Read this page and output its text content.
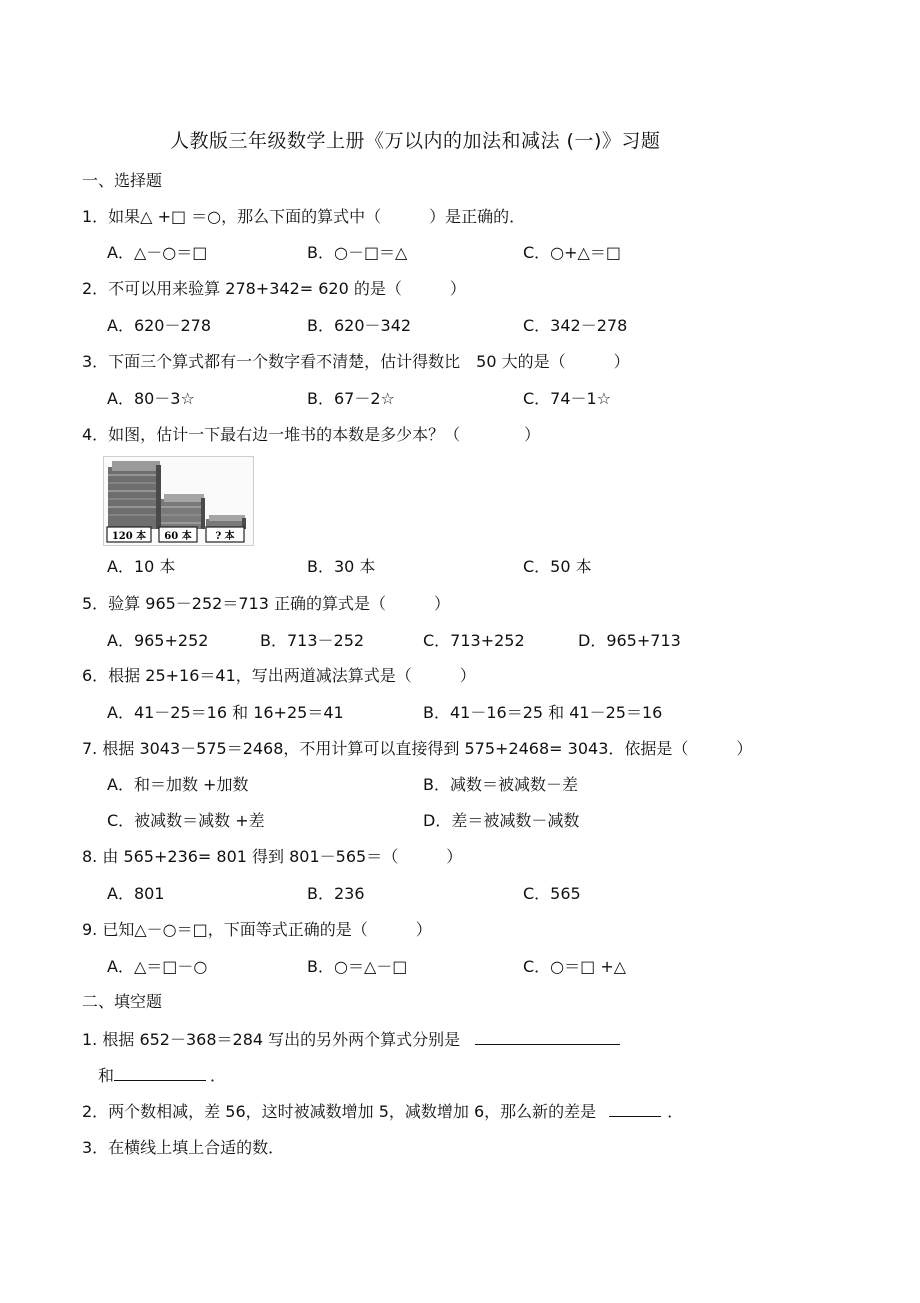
人教版三年级数学上册《万以内的加法和减法 (一)》习题
一、选择题
1．如果△ +□ ＝○，那么下面的算式中（　　　）是正确的．
A．△－○＝□	B．○－□＝△	C．○+△＝□
2．不可以用来验算 278+342= 620 的是（　　　）
A．620－278	B．620－342	C．342－278
3．下面三个算式都有一个数字看不清楚，估计得数比　50 大的是（　　　）
A．80－3☆	B．67－2☆	C．74－1☆
4．如图，估计一下最右边一堆书的本数是多少本？（　　　　）
120 本 60 本 ? 本
A．10 本	B．30 本	C．50 本
5．验算 965－252＝713 正确的算式是（　　　）
A．965+252	B．713－252	C．713+252	D．965+713
6．根据 25+16＝41，写出两道减法算式是（　　　）
A．41－25＝16 和 16+25＝41	B．41－16＝25 和 41－25＝16
7. 根据 3043－575＝2468，不用计算可以直接得到 575+2468= 3043．依据是（　　　）
A．和＝加数 +加数	B．减数＝被减数－差
C．被减数＝减数 +差	D．差＝被减数－减数
8. 由 565+236= 801 得到 801－565＝（　　　）
A．801	B．236	C．565
9. 已知△－○＝□，下面等式正确的是（　　　）
A．△＝□－○	B．○＝△－□	C．○＝□ +△
二、填空题
1. 根据 652－368＝284 写出的另外两个算式分别是
和	．
2．两个数相减，差 56，这时被减数增加 5，减数增加 6，那么新的差是	．
3．在横线上填上合适的数．
